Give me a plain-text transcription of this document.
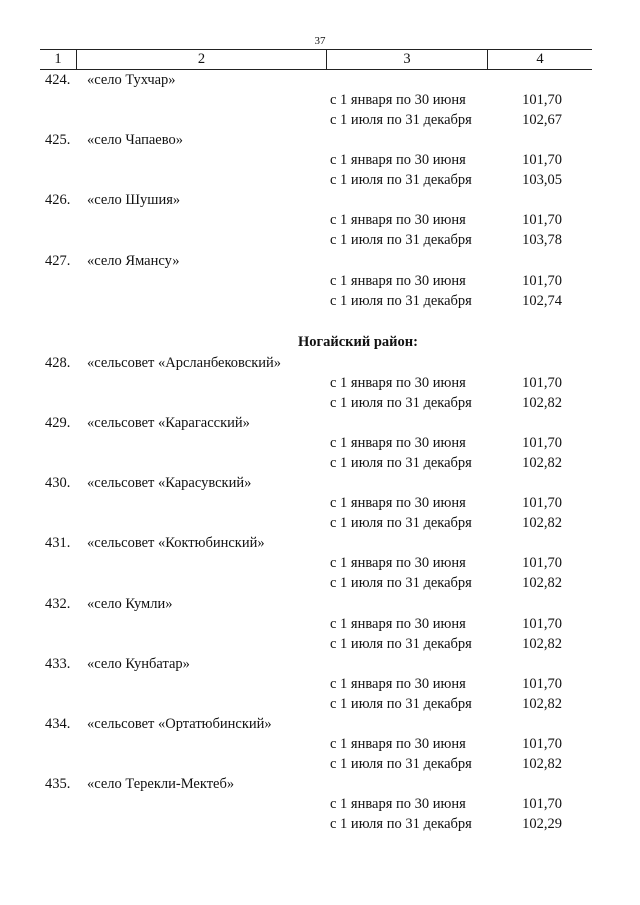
37
1	2	3	4
424. «село Тухчар»
с 1 января по 30 июня	101,70
с 1 июля по 31 декабря	102,67
425. «село Чапаево»
с 1 января по 30 июня	101,70
с 1 июля по 31 декабря	103,05
426. «село Шушия»
с 1 января по 30 июня	101,70
с 1 июля по 31 декабря	103,78
427. «село Ямансу»
с 1 января по 30 июня	101,70
с 1 июля по 31 декабря	102,74
Ногайский район:
428. «сельсовет «Арсланбековский»
с 1 января по 30 июня	101,70
с 1 июля по 31 декабря	102,82
429. «сельсовет «Карагасский»
с 1 января по 30 июня	101,70
с 1 июля по 31 декабря	102,82
430. «сельсовет «Карасувский»
с 1 января по 30 июня	101,70
с 1 июля по 31 декабря	102,82
431. «сельсовет «Коктюбинский»
с 1 января по 30 июня	101,70
с 1 июля по 31 декабря	102,82
432. «село Кумли»
с 1 января по 30 июня	101,70
с 1 июля по 31 декабря	102,82
433. «село Кунбатар»
с 1 января по 30 июня	101,70
с 1 июля по 31 декабря	102,82
434. «сельсовет «Ортатюбинский»
с 1 января по 30 июня	101,70
с 1 июля по 31 декабря	102,82
435. «село Терекли-Мектеб»
с 1 января по 30 июня	101,70
с 1 июля по 31 декабря	102,29
